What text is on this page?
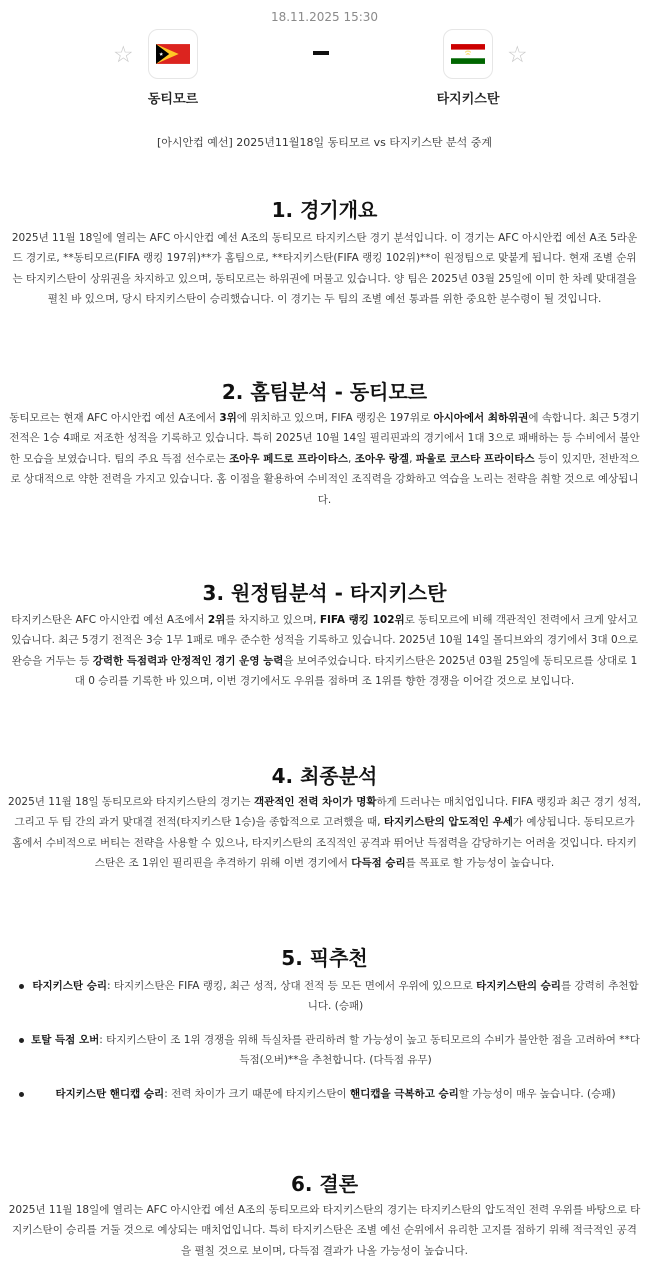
18.11.2025 15:30
☆	☆
동티모르	타지키스탄
[아시안컵 예선] 2025년11월18일 동티모르 vs 타지키스탄 분석 중계
1. 경기개요

2025년 11월 18일에 열리는 AFC 아시안컵 예선 A조의 동티모르 타지키스탄 경기 분석입니다. 이 경기는 AFC 아시안컵 예선 A조 5라운드 경기로, **동티모르(FIFA 랭킹 197위)**가 홈팀으로, **타지키스탄(FIFA 랭킹 102위)**이 원정팀으로 맞붙게 됩니다. 현재 조별 순위는 타지키스탄이 상위권을 차지하고 있으며, 동티모르는 하위권에 머물고 있습니다. 양 팀은 2025년 03월 25일에 이미 한 차례 맞대결을 펼친 바 있으며, 당시 타지키스탄이 승리했습니다. 이 경기는 두 팀의 조별 예선 통과를 위한 중요한 분수령이 될 것입니다.

2. 홈팀분석 - 동티모르

동티모르는 현재 AFC 아시안컵 예선 A조에서 3위에 위치하고 있으며, FIFA 랭킹은 197위로 아시아에서 최하위권에 속합니다. 최근 5경기 전적은 1승 4패로 저조한 성적을 기록하고 있습니다. 특히 2025년 10월 14일 필리핀과의 경기에서 1대 3으로 패배하는 등 수비에서 불안한 모습을 보였습니다. 팀의 주요 득점 선수로는 조아우 페드로 프라이타스, 조아우 랑겔, 파울로 코스타 프라이타스 등이 있지만, 전반적으로 상대적으로 약한 전력을 가지고 있습니다. 홈 이점을 활용하여 수비적인 조직력을 강화하고 역습을 노리는 전략을 취할 것으로 예상됩니다.

3. 원정팀분석 - 타지키스탄

타지키스탄은 AFC 아시안컵 예선 A조에서 2위를 차지하고 있으며, FIFA 랭킹 102위로 동티모르에 비해 객관적인 전력에서 크게 앞서고 있습니다. 최근 5경기 전적은 3승 1무 1패로 매우 준수한 성적을 기록하고 있습니다. 2025년 10월 14일 몰디브와의 경기에서 3대 0으로 완승을 거두는 등 강력한 득점력과 안정적인 경기 운영 능력을 보여주었습니다. 타지키스탄은 2025년 03월 25일에 동티모르를 상대로 1대 0 승리를 기록한 바 있으며, 이번 경기에서도 우위를 점하며 조 1위를 향한 경쟁을 이어갈 것으로 보입니다.

4. 최종분석

2025년 11월 18일 동티모르와 타지키스탄의 경기는 객관적인 전력 차이가 명확하게 드러나는 매치업입니다. FIFA 랭킹과 최근 경기 성적, 그리고 두 팀 간의 과거 맞대결 전적(타지키스탄 1승)을 종합적으로 고려했을 때, 타지키스탄의 압도적인 우세가 예상됩니다. 동티모르가 홈에서 수비적으로 버티는 전략을 사용할 수 있으나, 타지키스탄의 조직적인 공격과 뛰어난 득점력을 감당하기는 어려울 것입니다. 타지키스탄은 조 1위인 필리핀을 추격하기 위해 이번 경기에서 다득점 승리를 목표로 할 가능성이 높습니다.

5. 픽추천
타지키스탄 승리: 타지키스탄은 FIFA 랭킹, 최근 성적, 상대 전적 등 모든 면에서 우위에 있으므로 타지키스탄의 승리를 강력히 추천합니다. (승패)
토탈 득점 오버: 타지키스탄이 조 1위 경쟁을 위해 득실차를 관리하려 할 가능성이 높고 동티모르의 수비가 불안한 점을 고려하여 **다득점(오버)**을 추천합니다. (다득점 유무)
타지키스탄 핸디캡 승리: 전력 차이가 크기 때문에 타지키스탄이 핸디캡을 극복하고 승리할 가능성이 매우 높습니다. (승패)
6. 결론

2025년 11월 18일에 열리는 AFC 아시안컵 예선 A조의 동티모르와 타지키스탄의 경기는 타지키스탄의 압도적인 전력 우위를 바탕으로 타지키스탄이 승리를 거둘 것으로 예상되는 매치업입니다. 특히 타지키스탄은 조별 예선 순위에서 유리한 고지를 점하기 위해 적극적인 공격을 펼칠 것으로 보이며, 다득점 결과가 나올 가능성이 높습니다.
